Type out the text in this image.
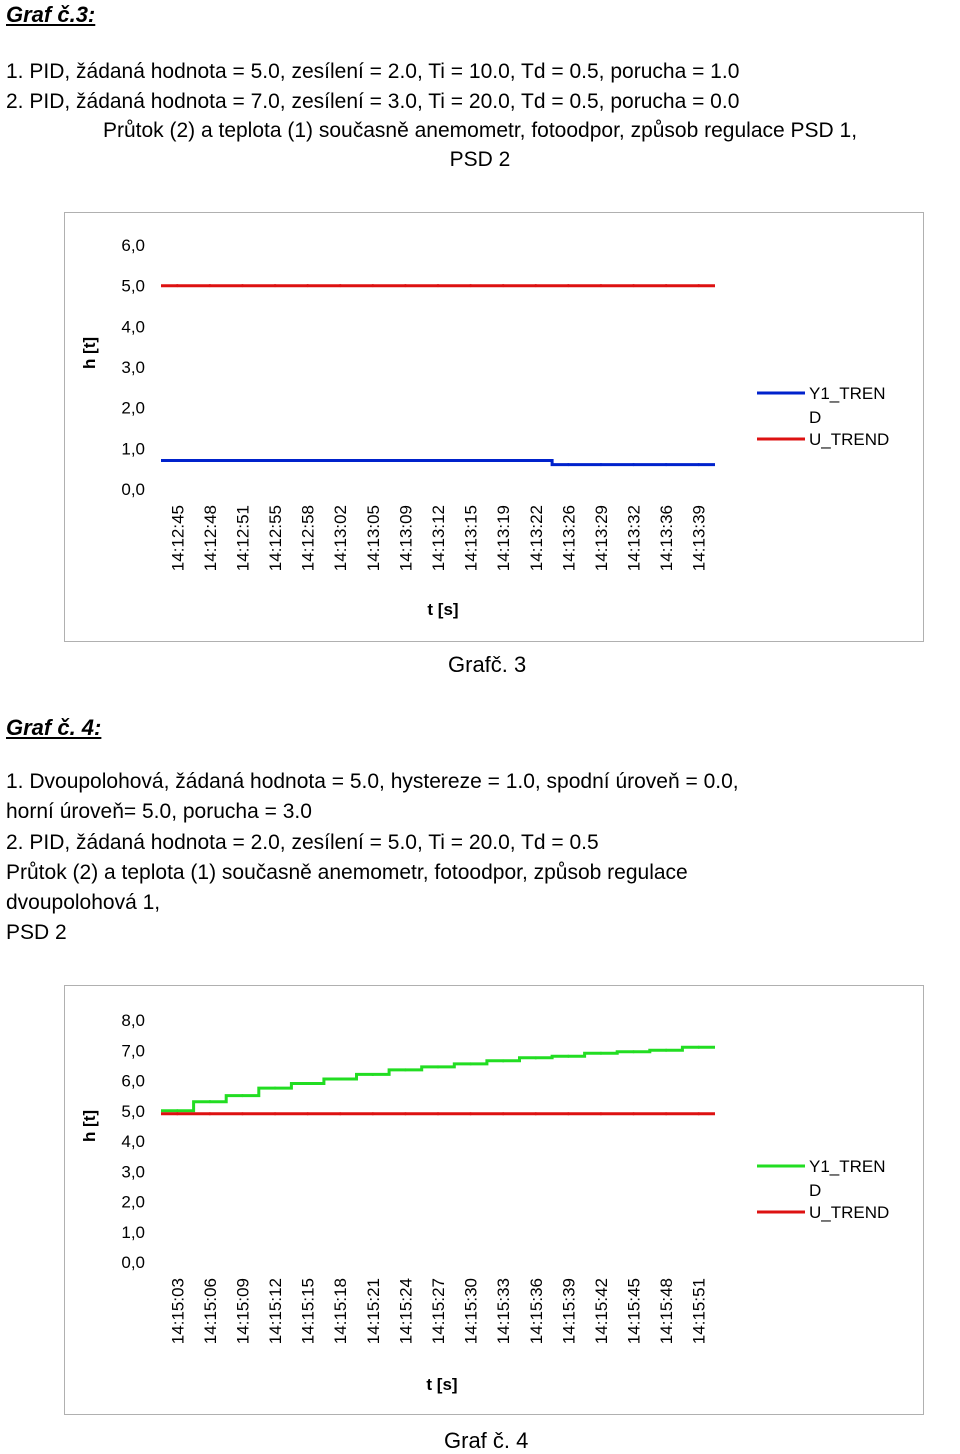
Graf č.3:
1. PID, žádaná hodnota = 5.0, zesílení = 2.0, Ti = 10.0, Td = 0.5, porucha = 1.0
2. PID, žádaná hodnota = 7.0, zesílení = 3.0, Ti = 20.0, Td = 0.5, porucha = 0.0
Průtok (2) a teplota (1) současně anemometr, fotoodpor, způsob regulace PSD 1,
PSD 2
0,0
1,0
2,0
3,0
4,0
5,0
6,0
h [t]
14:12:45 14:12:48 14:12:51 14:12:55 14:12:58 14:13:02 14:13:05 14:13:09 14:13:12 14:13:15 14:13:19 14:13:22 14:13:26 14:13:29 14:13:32 14:13:36 14:13:39
t [s]
Y1_TREN
D
U_TREND
Grafč. 3
Graf č. 4:
1. Dvoupolohová, žádaná hodnota = 5.0, hystereze = 1.0, spodní úroveň = 0.0,
horní úroveň= 5.0, porucha = 3.0
2. PID, žádaná hodnota = 2.0, zesílení = 5.0, Ti = 20.0, Td = 0.5
Průtok (2) a teplota (1) současně anemometr, fotoodpor, způsob regulace
dvoupolohová 1,
PSD 2
0,0
1,0
2,0
3,0
4,0
5,0
6,0
7,0
8,0
h [t]
14:15:03 14:15:06 14:15:09 14:15:12 14:15:15 14:15:18 14:15:21 14:15:24 14:15:27 14:15:30 14:15:33 14:15:36 14:15:39 14:15:42 14:15:45 14:15:48 14:15:51
t [s]
Y1_TREN
D
U_TREND
Graf č. 4
